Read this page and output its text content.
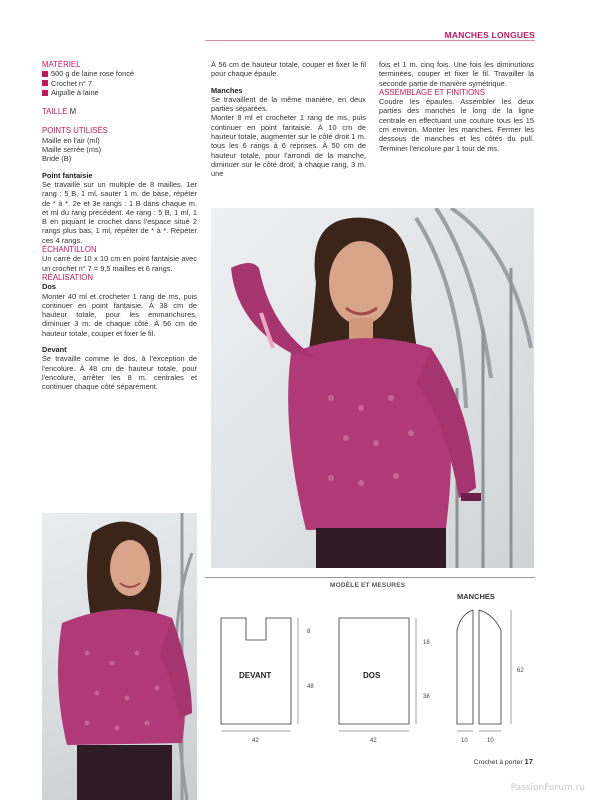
MANCHES LONGUES

MATÉRIEL

500 g de laine rose foncé
Crochet n° 7
Aiguille à laine

TAILLE M

POINTS UTILISÉS

Maille en l'air (ml)

Maille serrée (ms)

Bride (B)

Point fantaisie

Se travaille sur un multiple de 8 mailles. 1er rang : 5 B, 1 ml, sauter 1 m. de base, répéter de * à *. 2e et 3e rangs : 1 B dans chaque m. et ml du rang précédent. 4e rang : 5 B, 1 ml, 1 B en piquant le crochet dans l'espace situé 2 rangs plus bas, 1 ml, répéter de * à *. Répéter ces 4 rangs.

ÉCHANTILLON

Un carré de 10 x 10 cm en point fantaisie avec un crochet n° 7 = 9,5 mailles et 6 rangs.

RÉALISATION

Dos

Monter 40 ml et crocheter 1 rang de ms, puis continuer en point fantaisie. À 38 cm de hauteur totale, pour les emmanchures, diminuer 3 m. de chaque côté. À 56 cm de hauteur totale, couper et fixer le fil.

Devant

Se travaille comme le dos, à l'exception de l'encolure. À 48 cm de hauteur totale, pour l'encolure, arrêter les 8 m. centrales et continuer chaque côté séparément.

À 56 cm de hauteur totale, couper et fixer le fil pour chaque épaule.

Manches

Se travaillent de la même manière, en deux parties séparées.

Monter 8 ml et crocheter 1 rang de ms, puis continuer en point fantaisie. À 10 cm de hauteur totale, augmenter sur le côté droit 1 m. tous les 6 rangs à 6 reprises. À 50 cm de hauteur totale, pour l'arrondi de la manche, diminuer sur le côté droit, à chaque rang, 3 m. une

fois et 1 m. cinq fois. Une fois les diminutions terminées, couper et fixer le fil. Travailler la seconde partie de manière symétrique.

ASSEMBLAGE ET FINITIONS

Coudre les épaules. Assembler les deux parties des manches le long de la ligne centrale en effectuant une couture tous les 15 cm environ. Monter les manches. Fermer les dessous de manches et les côtés du pull. Terminer l'encolure par 1 tour de ms.

MODÈLE ET MESURES
MANCHES
DEVANT
8
48
42
DOS
18
38
42
62
10	10
Crochet à porter 17
PassionForum.ru
